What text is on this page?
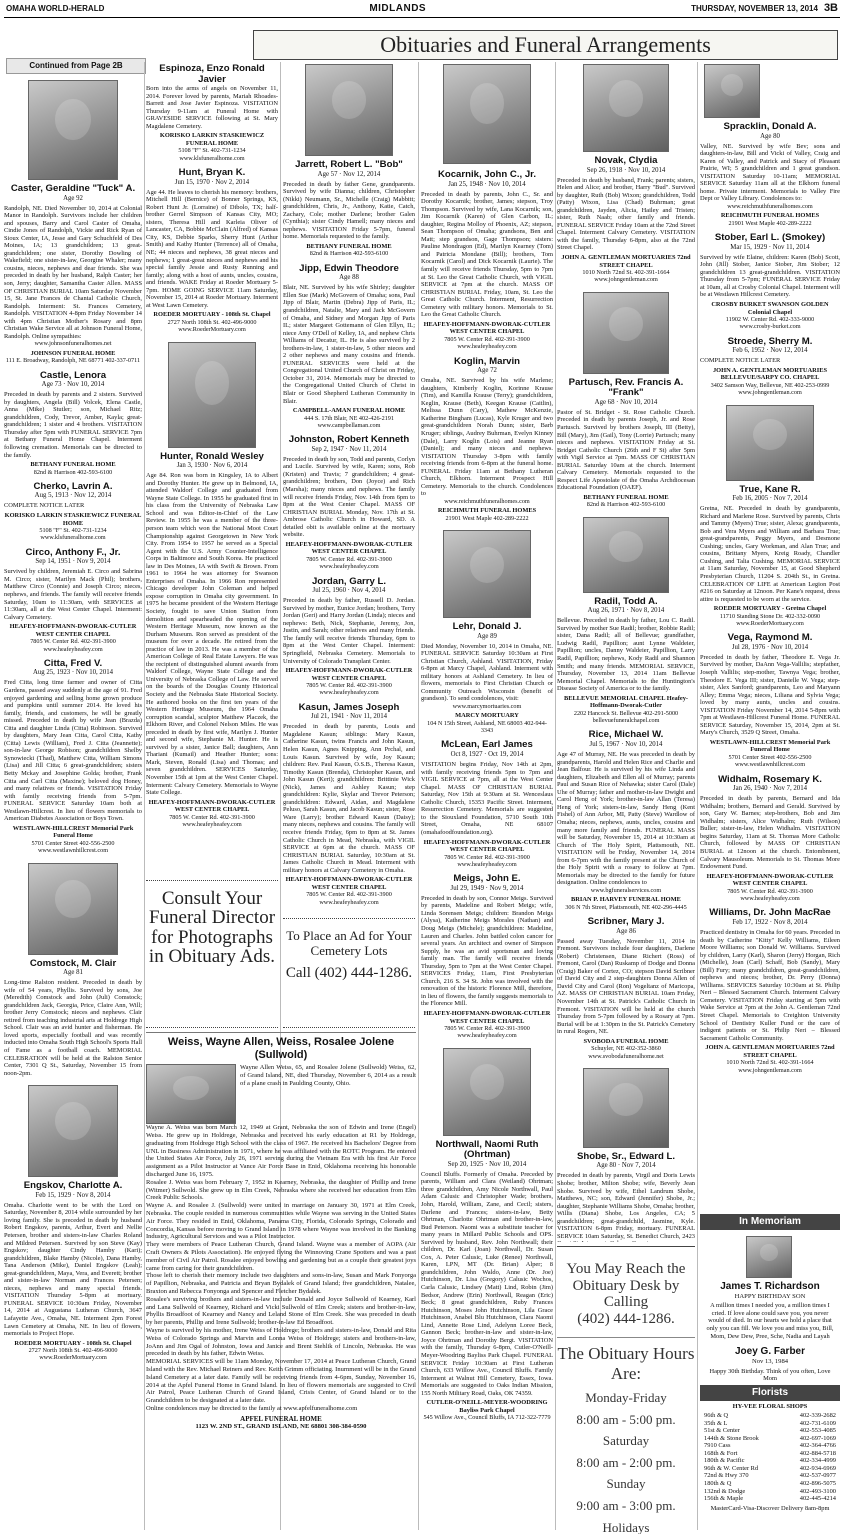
OMAHA WORLD-HERALD	MIDLANDS	THURSDAY, NOVEMBER 13, 2014 3B
Obituaries and Funeral Arrangements
Continued from Page 2B
Caster, Geraldine "Tuck" A.
Age 92

Randolph, NE. Died November 10, 2014 at Colonial Manor in Randolph. Survivors include her children and spouses, Barry and Carol Caster of Omaha, Cindie Jones of Randolph, Vickie and Rick Ryan of Sioux Center, IA, Jesse and Gary Schuchfeld of Des Moines, IA; 13 grandchildren; 13 great-grandchildren; one sister, Dorothy Dowling of Wakefield; one sister-in-law, Georgine Whaler; many cousins, nieces, nephews and dear friends. She was preceded in death by her husband, Ralph Caster; her son, Jerry; daughter, Samantha Caster Allen. MASS OF CHRISTIAN BURIAL 10am Saturday November 15, St. Jane Frances de Chantal Catholic Church, Randolph. Interment: St. Frances Cemetery, Randolph. VISITATION 4-8pm Friday November 14 with 4pm Christian Mother's Rosary and 8pm Christian Wake Service all at Johnson Funeral Home, Randolph. Online sympathies:

www.johnsonfuneralhomes.net
JOHNSON FUNERAL HOME
111 E. Broadway, Randolph, NE 68771 402-337-0711
Castle, Lenora
Age 73 · Nov 10, 2014

Preceded in death by parents and 2 sisters. Survived by daughters, Angela (Bill) Volcek, Elena Castle, Anna (Mike) Stutler; son, Michael Ritz; grandchildren, Cody, Trevor, Amber, Kayla; great-grandchildren; 1 sister and 4 brothers. VISITATION Thursday after 5pm with FUNERAL SERVICE 7pm at Bethany Funeral Home Chapel. Interment following cremation. Memorials can be directed to the family.

BETHANY FUNERAL HOME
82nd & Harrison 402-593-6100
Cherko, Lavrin A.
Aug 5, 1913 · Nov 12, 2014

COMPLETE NOTICE LATER

KORISKO LARKIN STASKIEWICZ FUNERAL HOME
5108 "F" St. 402-731-1234
www.klsfuneralhome.com
Circo, Anthony F., Jr.
Sep 14, 1951 · Nov 9, 2014

Survived by children, Jeremiah E. Circo and Sabrina M. Circo; sister, Marilyn Mack (Phil); brothers, Matthew Circo (Connie) and Joseph Circo; nieces, nephews, and friends. The family will receive friends Saturday, 10am to 11:30am, with SERVICES at 11:30am, all at the West Center Chapel. Interment: Calvary Cemetery.

HEAFEY-HOFFMANN-DWORAK-CUTLER WEST CENTER CHAPEL
7805 W. Center Rd. 402-391-3900
www.heafeyheafey.com
Citta, Fred V.
Aug 25, 1923 · Nov 10, 2014

Fred Citta, long time farmer and owner of Citta Gardens, passed away suddenly at the age of 91. Fred enjoyed gardening and selling home grown produce and pumpkins until summer 2014. He loved his family, friends, and customers, he will be greatly missed. Preceded in death by wife Jean (Brazda) Citta and daughter Linda (Citta) Robinson. Survived by daughters, Mary Jean Citta, Carol Citta, Kathy (Citta) Lewis (William), Fred J. Citta (Jeannette); son-in-law George Robison; grandchildren Shelby Synowiecki (Thad), Matthew Citta, William Simons (Lisa) and Jill Citta; 6 great-grandchildren; sisters Betty Mckay and Josephine Golda; brother, Frank Citta and Carl Citta (Maxine); beloved dog Honey, and many relatives or friends. VISITATION Friday with family receiving friends from 5-7pm. FUNERAL SERVICE Saturday 10am both at Westlawn-Hillcrest. In lieu of flowers memorials to American Diabetes Association or Boys Town.

WESTLAWN-HILLCREST Memorial Park Funeral Home
5701 Center Street 402-556-2500
www.westlawnhillcrest.com
Comstock, M. Clair
Age 81

Long-time Ralston resident. Preceded in death by wife of 54 years, Phyllis. Survived by sons, Joe (Meredith) Comstock and John (Juli) Comstock; grandchildren Jack, Georgia, Price, Claire Ann, Will; brother Jerry Comstock; nieces and nephews. Clair retired from teaching industrial arts at Holdrege High School. Clair was an avid hunter and fisherman. He loved sports, especially football and was recently inducted into Omaha South High School's Sports Hall of Fame as a football coach. MEMORIAL CELEBRATION will be held at the Ralston Senior Center, 7301 Q St., Saturday, November 15 from noon-2pm.

Engskov, Charlotte A.
Feb 15, 1929 · Nov 8, 2014

Omaha. Charlotte went to be with the Lord on Saturday, November 8, 2014 while surrounded by her loving family. She is preceded in death by husband Robert Engskov, parents, Arthur, Evert and Nellie Petersen, brother and sisters-in-law Charles Roland and Mildred Petersen. Survived by son Steve (Kay) Engskov; daughter Cindy Hamby (Kari); grandchildren, Blake Hamby (Nicole), Dana Hamby, Tana Anderson (Mike), Daniel Engskov (Leah); great-grandchildren, Maya, Vera, and Everett; brother and sister-in-law Norman and Frances Petersen; nieces, nephews and many special friends. VISITATION Thursday 5-8pm at mortuary. FUNERAL SERVICE 10:30am Friday, November 14, 2014 at Augustana Lutheran Church, 3647 Lafayette Ave., Omaha, NE. Interment 2pm Forest Lawn Cemetery at Omaha, NE. In lieu of flowers, memorials to Project Hope.

ROEDER MORTUARY - 108th St. Chapel
2727 North 108th St. 402-496-9000
www.RoederMortuary.com
Espinoza, Enzo Ronald Javier

Born into the arms of angels on November 11, 2014. Forever loved by parents, Mariah Rhoades-Barrett and Jose Javier Espinoza. VISITATION Thursday 9-11am at Funeral Home with GRAVESIDE SERVICE following at St. Mary Magdalene Cemetery.

KORISKO LARKIN STASKIEWICZ FUNERAL HOME
5108 "F" St. 402-731-1234
www.klsfuneralhome.com
Hunt, Bryan K.
Jun 15, 1970 · Nov 2, 2014

Age 44. He leaves to cherish his memory: brothers, Mitchell Hill (Bernice) of Bonner Springs, KS, Robert Hunt Jr. (Lorraine) of Dibolo, TX; half-brother Gerrel Simpson of Kansas City, MO; sisters, Theresa Hill and Karleia Oliver of Lancaster, CA, Bobbie McClain (Alfred) of Kansas City, KS, Debbie Sparks, Sherry Hunt (Arthur Smith) and Kathy Hunter (Terrence) all of Omaha, NE; 44 nieces and nephews, 38 great nieces and nephews; 1 great-great nieces and nephews and his special family Jessie and Rusty Running and family; along with a host of aunts, uncles, cousins, and friends. WAKE Friday at Roeder Mortuary 5-7pm. HOME GOING SERVICE 11am Saturday, November 15, 2014 at Roeder Mortuary. Interment at West Lawn Cemetery.

ROEDER MORTUARY - 108th St. Chapel
2727 North 108th St. 402-496-9000
www.RoederMortuary.com
Hunter, Ronald Wesley
Jan 3, 1930 · Nov 6, 2014

Age 84. Ron was born in Kingsley, IA to Albert and Dorothy Hunter. He grew up in Belmond, IA, attended Waldorf College and graduated from Wayne State College. In 1955 he graduated first in his class from the University of Nebraska Law School and was Editor-in-Chief of the Law Review. In 1955 he was a member of the three-person team which won the National Moot Court Championship against Georgetown in New York City. From 1954 to 1957 he served as a Special Agent with the U.S. Army Counter-Intelligence Corps in Baltimore and South Korea. He practiced law in Des Moines, IA with Swift & Brown. From 1961 to 1964 he was attorney for Swanson Enterprises of Omaha. In 1966 Ron represented Chicago developer John Coleman and helped expose corruption in Omaha city government. In 1975 he became president of the Western Heritage Society, fought to save Union Station from demolition and spearheaded the opening of the Western Heritage Museum, now known as the Durham Museum. Ron served as president of the museum for over a decade. He retired from the practice of law in 2013. He was a member of the American College of Real Estate Lawyers. He was the recipient of distinguished alumni awards from Waldorf College, Wayne State College and the University of Nebraska College of Law. He served on the boards of the Douglas County Historical Society and the Nebraska State Historical Society. He authored books on the first ten years of the Western Heritage Museum, the 1964 Omaha corruption scandal, sculptor Matthew Placzek, the Elkhorn River, and Colonel Nelson Miles. He was preceded in death by first wife, Marilyn J. Hunter and second wife, Stephanie M. Hunter. He is survived by a sister, Janice Ball; daughters, Ann Thariani (Kumail) and Heather Hunter; sons: Mark, Steven, Ronald (Lisa) and Thomas; and seven grandchildren. SERVICES Saturday, November 15th at 1pm at the West Center Chapel. Interment: Calvary Cemetery. Memorials to Wayne State College.

HEAFEY-HOFFMANN-DWORAK-CUTLER WEST CENTER CHAPEL
7805 W. Center Rd. 402-391-3900
www.heafeyheafey.com
Jarrett, Robert L. "Bob"
Age 57 · Nov 12, 2014

Preceded in death by father Gene, grandparents. Survived by wife Dianna; children, Christopher (Nikki) Neumann, Sr., Michelle (Craig) Mabbitt; grandchildren, Chris, Jr., Anthony, Katie, Catch, Zachary, Cole; mother Darlene; brother Galen (Cynthia); sister Cindy Hamell; many nieces and nephews. VISITATION Friday 5-7pm, funeral home. Memorials requested to the family.

BETHANY FUNERAL HOME
82nd & Harrison 402-593-6100
Jipp, Edwin Theodore
Age 88

Blair, NE. Survived by his wife Shirley; daughter Ellen Sue (Mark) McGovern of Omaha; sons, Paul Jipp of Blair, Martin (Debra) Jipp of Paris, IL; grandchildren, Natalie, Mary and Jack McGovern of Omaha, and Sidney and Morgan Jipp of Paris IL; sister Margaret Gottemann of Glen Ellyn, IL; niece Amy O'Dell of Kelley, IA, and nephew Chris Williams of Decatur, IL. He is also survived by 2 brothers-in-law, 1 sister-in-law, 5 other nieces and 2 other nephews and many cousins and friends. FUNERAL SERVICES were held at the Congregational United Church of Christ on Friday, October 31, 2014. Memorials may be directed to the Congregational United Church of Christ in Blair or Good Shepherd Lutheran Community in Blair.

CAMPBELL-AMAN FUNERAL HOME
444 S. 17th Blair, NE 402-426-2191
www.campbellaman.com
Johnston, Robert Kenneth
Sep 2, 1947 · Nov 11, 2014

Preceded in death by son, Todd and parents, Corlyn and Lucile. Survived by wife, Karen; sons, Rob (Kristen) and Travis; 7 grandchildren; 4 great-grandchildren; brothers, Don (Joyce) and Rich (Marsha); many nieces and nephews. The family will receive friends Friday, Nov. 14th from 6pm to 8pm at the West Center Chapel. MASS OF CHRISTIAN BURIAL Monday, Nov. 17th at St. Ambrose Catholic Church in Howard, SD. A detailed obit is available online at the mortuary website.

HEAFEY-HOFFMANN-DWORAK-CUTLER WEST CENTER CHAPEL
7805 W. Center Rd. 402-391-3900
www.heafeyheafey.com
Jordan, Garry L.
Jul 25, 1960 · Nov 4, 2014

Preceded in death by father, Russell D. Jordan. Survived by mother, Eunice Jordan; brothers, Terry Jordan (Geri) and Harry Jordan (Linda); nieces and nephews: Beth, Nick, Stephanie, Jeremy, Jon, Justin, and Sarah; other relatives and many friends. The family will receive friends Thursday, 6pm to 8pm at the West Center Chapel. Interment: Springfield, Nebraska Cemetery. Memorials to University of Colorado Transplant Center.

HEAFEY-HOFFMANN-DWORAK-CUTLER WEST CENTER CHAPEL
7805 W. Center Rd. 402-391-3900
www.heafeyheafey.com
Kasun, James Joseph
Jul 21, 1941 · Nov 11, 2014

Preceded in death by parents, Louis and Magdalene Kasun; siblings: Mary Kasun, Catherine Kasun, twins Francis and John Kasun, Helen Kasun, Agnes Knipping, Ann Prchal, and Louis Kasun. Survived by wife, Joy Kasun; children: Rev. Paul Kasun, O.S.B., Theresa Kasun, Timothy Kasun (Brenda), Christopher Kasun, and John Kasun (Keri); grandchildren: Brittinie Wick (Nick), James and Ashley Kasun; step grandchildren: Kylie, Skylar and Trevor Peterson; grandchildren: Edward, Aidan, and Magdalene Peluso, Sarah Kasun, and Jacob Kasun; sister, Rose Ware (Larry); brother Edward Kasun (Daisy); many nieces, nephews and cousins. The family will receive friends Friday, 6pm to 8pm at St. James Catholic Church in Mead, Nebraska, with VIGIL SERVICE at 6pm at the church. MASS OF CHRISTIAN BURIAL Saturday, 10:30am at St. James Catholic Church in Mead. Interment with military honors at Calvary Cemetery in Omaha.

HEAFEY-HOFFMANN-DWORAK-CUTLER WEST CENTER CHAPEL
7805 W. Center Rd. 402-391-3900
www.heafeyheafey.com
Kocarnik, John C., Jr.
Jan 25, 1948 · Nov 10, 2014

Preceded in death by parents, John C., Sr. and Dorothy Kocarnik; brother, James; stepson, Troy Thompson. Survived by wife, Lana Kocarnik; son, Jim Kocarnik (Karen) of Glen Carbon, IL; daughter, Regina Molloy of Phoenix, AZ; stepson, Sean Thompson of Omaha; grandsons, Ben and Matt; step grandson, Gage Thompson; sisters: Pauline Mondragon (Ed), Marilyn Kearney (Tom) and Patricia Mondane (Bill); brothers, Tom Kocarnik (Carol) and Dick Kocarnik (Laurie). The family will receive friends Thursday, 5pm to 7pm at St. Leo the Great Catholic Church, with VIGIL SERVICE at 7pm at the church. MASS OF CHRISTIAN BURIAL Friday, 10am, St. Leo the Great Catholic Church. Interment, Resurrection Cemetery with military honors. Memorials to St. Leo the Great Catholic Church.

HEAFEY-HOFFMANN-DWORAK-CUTLER WEST CENTER CHAPEL
7805 W. Center Rd. 402-391-3900
www.heafeyheafey.com
Koglin, Marvin
Age 72

Omaha, NE. Survived by his wife Marlene; daughters, Kimberly Koglin, Korinne Krause (Tim), and Kamilla Krause (Terry); grandchildren, Keglin, Krause (Beth), Keegan Krause (Caitlin), Melissa Dunn (Cary), Mathew McKenzie, Katherine Bingham (Lucas), Kyle Kruger and two great-grandchildren Norah Dunn; sister, Barb Kruger; siblings, Audrey Buhrman, Evelyn Kinney (Dale), Larry Koglin (Lois) and Jeanne Ryan (Daniel); and many nieces and nephews. VISITATION Thursday 3-8pm with family receiving friends from 6-8pm at the funeral home. FUNERAL Friday 11am at Bethany Lutheran Church, Elkhorn. Interment Prospect Hill Cemetery. Memorials to the church. Condolences to

www.reichmuthfuneralhomes.com
REICHMUTH FUNERAL HOMES
21901 West Maple 402-289-2222
Lehr, Donald J.
Age 89

Died Monday, November 10, 2014 in Omaha, NE. FUNERAL SERVICE Saturday 10:30am at First Christian Church, Ashland. VISITATION, Friday 6-8pm at Marcy Chapel, Ashland. Interment with military honors at Ashland Cemetery. In lieu of flowers, memorials to First Christian Church or Community Outreach Wisconsin (benefit of grandson). To send condolences, visit:

www.marcymortuaries.com
MARCY MORTUARY
104 N 15th Street, Ashland, NE 68003 402-944-3343
McLean, Earl James
Oct 8, 1927 · Oct 19, 2014

VISITATION begins Friday, Nov 14th at 2pm, with family receiving friends 5pm to 7pm and VIGIL SERVICE at 7pm, all at the West Center Chapel. MASS OF CHRISTIAN BURIAL Saturday, Nov 15th at 9:30am at St. Wenceslaus Catholic Church, 15353 Pacific Street. Interment, Resurrection Cemetery. Memorials are suggested to the Siouxland Foundation, 5710 South 10th Street, Omaha, NE 68107 (omahafoodfoundation.org).

HEAFEY-HOFFMANN-DWORAK-CUTLER WEST CENTER CHAPEL
7805 W. Center Rd. 402-391-3900
www.heafeyheafey.com
Meigs, John E.
Jul 29, 1949 · Nov 9, 2014

Preceded in death by son, Connor Meigs. Survived by parents, Madeline and Robert Meigs; wife, Linda Sorensen Meigs; children: Brandon Meigs (Alysa), Katherine Meigs Morales (Nathan) and Doug Meigs (Michele); grandchildren: Madeline, Lauren and Charles. John battled colon cancer for several years. An architect and owner of Simpson Supply, he was an avid sportsman and loving family man. The family will receive friends Thursday, 5pm to 7pm at the West Center Chapel. SERVICES Friday, 11am, First Presbyterian Church, 216 S. 34 St. John was involved with the renovation of the historic Florence Mill, therefore, in lieu of flowers, the family suggests memorials to the Florence Mill.

HEAFEY-HOFFMANN-DWORAK-CUTLER WEST CENTER CHAPEL
7805 W. Center Rd. 402-391-3900
www.heafeyheafey.com
Northwall, Naomi Ruth (Ohrtman)
Sep 20, 1925 · Nov 10, 2014

Council Bluffs. Formerly of Omaha. Preceded by parents, William and Clara (Weiland) Ohrtman; three grandchildren, Amy Nicole Northwall, Paul Adam Calusic and Christopher Wade; brothers, John, Harold, William, Zane, and Cecil; sisters, Darlene and Frances; sisters-in-law, Betty Ohrtman, Charlotte Ohrtman and brother-in-law, Bud Peterson. Naomi was a substitute teacher for many years in Millard Public Schools and OPS. Survived by husband, Rev. John Northwall; their children, Dr. Karl (Joan) Northwall, Dr. Susan Cox, A. Peter Calusic, Luke (Renee) Northwall, Karen, LPN, MT (Dr. Brian) Alper; 8 grandchildren, John Waldo, Anne (Dr. Joe) Hutchinson, Dr. Lisa (Gregory) Calusic Wochos, Carla Calusic, Lindsey (Matt) Lind, Robin (Jim) Bedsor, Andrew (Erin) Northwall, Reagan (Eric) Beck; 8 great grandchildren, Ruby Frances Hutchinson, Moses John Hutchinson, Lila Grace Hutchinson, Anabel Blu Hutchinson, Clara Naomi Lind, Annette Rose Lind, Adelynn Loree Beck, Gannon Beck; brother-in-law and sister-in-law, Joyce Ohrtman and Dorothy Bergt. VISITATION with the family, Thursday 6-8pm, Cutler-O'Neill-Meyer-Woodring Bayliss Park Chapel. FUNERAL SERVICE Friday 10:30am at First Lutheran Church, 633 Willow Ave., Council Bluffs. Family Interment at Walnut Hill Cemetery, Essex, Iowa. Memorials are suggested to Oaks Indian Mission, 155 North Military Road, Oaks, OK 74359.

CUTLER-O'NEILL-MEYER-WOODRING Bayliss Park Chapel
545 Willow Ave., Council Bluffs, IA 712-322-7779
Novak, Clydia
Sep 26, 1918 · Nov 10, 2014

Preceded in death by husband, Frank; parents; sisters, Helen and Alice; and brother, Harry "Bud". Survived by daughter, Ruth (Bob) Wixon; grandchildren, Todd (Patty) Wixon, Lisa (Chad) Buhrman; great grandchildren, Jayden, Alicia, Hailey and Tristen; sister, Ruth Naab; other family and friends. FUNERAL SERVICE Friday 10am at the 72nd Street Chapel. Interment Calvary Cemetery. VISITATION with the family, Thursday 6-8pm, also at the 72nd Street Chapel.

JOHN A. GENTLEMAN MORTUARIES 72nd STREET CHAPEL
1010 North 72nd St. 402-391-1664
www.johngentleman.com
Partusch, Rev. Francis A. "Frank"
Age 68 · Nov 10, 2014

Pastor of St. Bridget - St. Rose Catholic Church. Preceded in death by parents Joseph, Jr. and Rose Partusch. Survived by brothers Joseph, III (Betty), Bill (Mary), Jim (Gail), Tony (Lorrie) Partusch; many nieces and nephews. VISITATION Friday at St. Bridget Catholic Church (26th and F St) after 5pm with Vigil Service at 7pm. MASS OF CHRISTIAN BURIAL Saturday 10am at the church. Interment Calvary Cemetery. Memorials requested to the Respect Life Apostolate of the Omaha Archdiocesan Educational Foundation (OAEF).

BETHANY FUNERAL HOME
82nd & Harrison 402-593-6100
Radil, Todd A.
Aug 26, 1971 · Nov 8, 2014

Bellevue. Preceded in death by father, Lou C. Radil. Survived by mother Sue Radil; brother, Robbie Radil; sister, Dana Radil; all of Bellevue; grandfather, Ludwig Radil, Papillion; aunt Lynne Waldeier, Papillion; uncles, Danny Waldeier, Papillion, Larry Radil, Papillion; nephews, Kody Radil and Shannon Smith; and many friends. MEMORIAL SERVICE, Thursday, November 13, 2014 11am Bellevue Memorial Chapel. Memorials to the Huntington's Disease Society of America or to the family.

BELLEVUE MEMORIAL CHAPEL Heafey-Hoffmann-Dworak-Cutler
2202 Hancock St. Bellevue 402-291-5000
bellevuefuneralchapel.com
Rice, Michael W.
Jul 5, 1967 · Nov 10, 2014

Age 47 of Murray, NE. He was preceded in death by grandparents, Harold and Helen Rice and Charlie and Jean Balfour. He is survived by his wife Linda and daughters, Elizabeth and Ellen all of Murray; parents Paul and Susan Rice of Nehawka; sister Carol (Dale) Uhe of Murray; father and mother-in-law Dwight and Carol Heng of York; brother-in-law Allan (Teresa) Heng of York; sisters-in-law, Sandy Heng (Kent Fishel) of Ann Arbor, MI, Patty (Steve) Wardlow of Omaha; nieces, nephews, aunts, uncles, cousins and many more family and friends. FUNERAL MASS will be Saturday, November 15, 2014 at 10:30am at Church of The Holy Spirit, Plattsmouth, NE. VISITATION will be Friday, November 14, 2014 from 6-7pm with the family present at the Church of the Holy Spirit with a rosary to follow at 7pm. Memorials may be directed to the family for future designation. Online condolences to

www.bgfuneralservices.com
BRIAN P. HARVEY FUNERAL HOME
306 N 7th Street, Plattsmouth, NE 402-296-4445
Scribner, Mary J.
Age 86

Passed away Tuesday, November 11, 2014 in Fremont. Survivors include four daughters, Darlene (Robert) Christensen, Diane Richert (Ross) of Fremont, Carol (Dan) Ruskamp of Dodge and Donna (Craig) Baker of Cortez, CO; stepson David Scribner of David City and 2 step-daughters Donna Allen of David City and Carol (Ron) Vogeltanz of Maricopa, AZ. MASS OF CHRISTIAN BURIAL 10am Friday, November 14th at St. Patrick's Catholic Church in Fremont. VISITATION will be held at the church Thursday from 5-7pm followed by a Rosary at 7pm. Burial will be at 1:30pm in the St. Patrick's Cemetery in rural Rogers, NE.

SVOBODA FUNERAL HOME
Schuyler, NE 402-352-3860
www.svobodafuneralhome.net
Shobe, Sr., Edward L.
Age 80 · Nov 7, 2014

Preceded in death by parents, Virgil and Doris Lewis Shobe; brother, Milton Shobe; wife, Beverly Jean Shobe. Survived by wife, Ethel Landrum Shobe, Matthews, NC; son, Edward (Jennifer) Shobe, Jr.; daughter, Stephanie Williams Shobe, Omaha; brother, Willis (Diana) Shobe, Los Angeles, CA; 5 grandchildren; great-grandchild, Jasmine, Kyle. VISITATION 6-8pm Friday, mortuary. FUNERAL SERVICE 10am Saturday, St. Benedict Church, 2423

Spracklin, Donald A.
Age 80

Valley, NE. Survived by wife Bev; sons and daughters-in-law, Bill and Vicki of Valley, Craig and Karen of Valley, and Patrick and Stacy of Pleasant Prairie, WI; 5 grandchildren and 1 great grandson. VISITATION Saturday 10-11am; MEMORIAL SERVICE Saturday 11am all at the Elkhorn funeral home. Private interment. Memorials to Valley Fire Dept or Valley Library. Condolences to:

www.reichmuthfuneralhomes.com
REICHMUTH FUNERAL HOMES
21901 West Maple 402-289-2222
Stober, Earl L. (Smokey)
Mar 15, 1929 · Nov 11, 2014

Survived by wife Elaine, children: Karen (Bob) Scott, John (Jill) Stober, Janice Stober, Jim Stober; 12 grandchildren 13 great-grandchildren. VISITATION Thursday from 5-7pm; FUNERAL SERVICE Friday at 10am, all at Crosby Colonial Chapel. Interment will be at Westlawn Hillcrest Cemetery.

CROSBY BURKET SWANSON GOLDEN Colonial Chapel
11902 W. Center Rd. 402-333-9000
www.crosby-burket.com
Stroede, Sherry M.
Feb 6, 1952 · Nov 12, 2014

COMPLETE NOTICE LATER

JOHN A. GENTLEMAN MORTUARIES BELLEVUE/SARPY CO. CHAPEL
3402 Samson Way, Bellevue, NE 402-253-0999
www.johngentleman.com
True, Kane R.
Feb 16, 2005 · Nov 7, 2014

Gretna, NE. Preceded in death by grandparents, Richard and Marlene Rose. Survived by parents, Chris and Tammy (Myers) True; sister, Alexa; grandparents, Bob and Vera Myers and William and Barbara True; great-grandparents, Peggy Myers, and Desmone Cushing; uncles, Gary Workman, and Alan True; and cousins, Brittany Myers, Kreig Roady, Chandler Cushing, and Talia Cushing. MEMORIAL SERVICE at 11am Saturday, November 15, at Good Shepherd Presbyterian Church, 11204 S. 204th St., in Gretna. CELEBRATION OF LIFE at American Legion Post #216 on Saturday at 12noon. Per Kane's request, dress attire is requested to be worn at the service.

ROEDER MORTUARY - Gretna Chapel
11710 Standing Stone Dr. 402-332-0090
www.RoederMortuary.com
Vega, Raymond M.
Jul 28, 1976 · Nov 10, 2014

Preceded in death by father, Theodore E. Vega Jr. Survived by mother, DaAnn Vega-Vallilis; stepfather, Joseph Vallilis; step-mother, Tawnya Vega; brother, Theodore E. Vega III; sister, Danielle W. Vega; step-sister, Alex Sanford; grandparents, Leo and Maryann Alley; Emma Vega; nieces, Liliana and Sylvia Vega; loved by many aunts, uncles and cousins. VISITATION Friday November 14, 2014 5-8pm with 7pm at Westlawn-Hillcrest Funeral Home. FUNERAL SERVICE Saturday, November 15, 2014, 2pm at St. Mary's Church, 3529 Q Street, Omaha.

WESTLAWN-HILLCREST Memorial Park Funeral Home
5701 Center Street 402-556-2500
www.westlawnhillcrest.com
Widhalm, Rosemary K.
Jan 26, 1940 · Nov 7, 2014

Preceded in death by parents, Bernard and Ida Widhalm; brothers, Bernard and Gerald. Survived by son, Gary W. Barnes; step-brothers, Bob and Jim Widhalm; sisters, Alice Widhalm; Ruth (Wilson) Buller; sister-in-law, Helen Widhalm. VISITATION begins Saturday, 11am at St. Thomas More Catholic Church, followed by MASS OF CHRISTIAN BURIAL at 12noon at the church. Entombment, Calvary Mausoleum. Memorials to St. Thomas More Endowment Fund.

HEAFEY-HOFFMANN-DWORAK-CUTLER WEST CENTER CHAPEL
7805 W. Center Rd. 402-391-3900
www.heafeyheafey.com
Williams, Dr. John MacRae
Feb 17, 1922 · Nov 8, 2014

Practiced dentistry in Omaha for 60 years. Preceded in death by Catherine "Kitty" Kelly Williams, Eileen Moore Williams; son Donald W. Williams. Survived by children, Larry (Karl), Sharon (Jerry) Horgan, Rich (Michelle), Joan (Carl) Schaff, Bob (Sandy), Mary (Bill) Fury; many grandchildren, great-grandchildren, nephews and nieces; brother, Dr. Perry (Donna) Williams. SERVICES Saturday 10:30am at St. Philip Neri – Blessed Sacrament Church. Interment Calvary Cemetery. VISITATION Friday starting at 5pm with Wake Service at 7pm at the John A. Gentleman 72nd Street Chapel. Memorials to Creighton University School of Dentistry Kuller Fund or the care of indigent patients or St. Philip Neri – Blessed Sacrament Catholic Community.

JOHN A. GENTLEMAN MORTUARIES 72nd STREET CHAPEL
1010 North 72nd St. 402-391-1664
www.johngentleman.com
In Memoriam
James T. Richardson
HAPPY BIRTHDAY SON

A million times I needed you, a million times I cried. If love alone could save you, you never would of died. In our hearts we hold a place that only you can fill. We love you and miss you, Bill, Mom, Dew Dew, Pree, Sche, Nadia and Layah

Joey G. Farber
Nov 13, 1984

Happy 30th Birthday. Think of you often, Love Mom

Florists
HY-VEE FLORAL SHOPS
96th & Q	402-339-2682
35th & L	402-731-6109
51st & Center	402-553-4085
144th & Stone Brook	402-697-1069
7910 Cass	402-364-4766
168th & Fort	402-884-5718
180th & Pacific	402-334-4999
96th & W. Center Rd	402-934-6969
72nd & Hwy 370	402-537-0977
180th & Q	402-896-5075
132nd & Dodge	402-493-3100
156th & Maple	402-445-4214
MasterCard-Visa-Discover Delivery 8am-8pm
Consult Your Funeral Director for Photographs in Obituary Ads.
To Place an Ad for Your Cemetery Lots
Call (402) 444-1286.
You May Reach the Obituary Desk by Calling
(402) 444-1286.
The Obituary Hours Are:
Monday-Friday
8:00 am - 5:00 pm.
Saturday
8:00 am - 2:00 pm.
Sunday
9:00 am - 3:00 pm.
Holidays
Weiss, Wayne Allen, Weiss, Rosalee Jolene (Sullwold)

Wayne Allen Weiss, 65, and Rosalee Jolene (Sullwold) Weiss, 62, of Grand Island, NE, died Thursday, November 6, 2014 as a result of a plane crash in Paulding County, Ohio.

Wayne A. Weiss was born March 12, 1949 at Grant, Nebraska the son of Edwin and Irene (Engel) Weiss. He grew up in Holdrege, Nebraska and received his early education at R1 by Holdrege, graduating from Holdrege High School with the class of 1967. He received his Bachelors' Degree from UNL in Business Administration in 1971, where he was affiliated with the ROTC Program. He entered the United States Air Force, July 26, 1971 serving during the Vietnam Era with his first Air Force assignment as a Pilot Instructor at Vance Air Force Base in Enid, Oklahoma receiving his honorable discharged June 16, 1975.

Rosalee J. Weiss was born February 7, 1952 in Kearney, Nebraska, the daughter of Phillip and Irene (Witmer) Sullwold. She grew up in Elm Creek, Nebraska where she received her education from Elm Creek Public Schools.

Wayne A. and Rosalee J. (Sullwold) were united in marriage on January 30, 1971 at Elm Creek, Nebraska. The couple resided in numerous communities while Wayne was serving in the United States Air Force. They resided in Enid, Oklahoma, Panama City, Florida, Colorado Springs, Colorado and Concordia, Kansas before moving to Grand Island in 1978 where Wayne was involved in the Banking Industry, Agricultural Services and was a Pilot Instructor.

They were members of Peace Lutheran Church, Grand Island. Wayne was a member of AOPA (Air Craft Owners & Pilots Association). He enjoyed flying the Winnoving Crane Spotters and was a past member of Civil Air Patrol. Rosalee enjoyed bowling and gardening but as a couple their greatest joys came from caring for their grandchildren.

Those left to cherish their memory include two daughters and sons-in-law, Susan and Mark Fonyorga of Papillion, Nebraska, and Patricia and Bryan Bydalek of Grand Island; five grandchildren, Natalee, Braxton and Rebecca Fonyonga and Spencer and Fletcher Bydalek.

Rosalee's surviving brothers and sisters-in-law include Donald and Joyce Sullwold of Kearney, Karl and Lana Sullwold of Kearney, Richard and Vicki Sullwold of Elm Creek; sisters and brother-in-law, Phyllis Broadfoot of Kearney and Nancy and Leland Stone of Elm Creek. She was preceded in death by her parents, Phillip and Irene Sullwold; brother-in-law Ed Broadfoot.

Wayne is survived by his mother, Irene Weiss of Holdrege; brothers and sisters-in-law, Donald and Rita Weiss of Colorado Springs and Marvin and Lonna Weiss of Holdrege; sisters and brothers-in-law, JoAnn and Jim Ogal of Johnston, Iowa and Janice and Brent Stehlik of Lincoln, Nebraska. He was preceded in death by his father, Edwin Weiss.

MEMORIAL SERVICES will be 11am Monday, November 17, 2014 at Peace Lutheran Church, Grand Island with the Rev. Michael Reiners and Rev. Keith Grimm officiating. Inurnment will be in the Grand Island Cemetery at a later date. Family will be receiving friends from 4-6pm, Sunday, November 16, 2014 at the Apfel Funeral Home in Grand Island. In lieu of flowers memorials are suggested to Civil Air Patrol, Peace Lutheran Church of Grand Island, Crisis Center, of Grand Island or to the Grandchildren to be designated at a later date.

Online condolences may be directed to the family at www.apfelfuneralhome.com

APFEL FUNERAL HOME
1123 W. 2ND ST., GRAND ISLAND, NE 68801 308-384-0590
